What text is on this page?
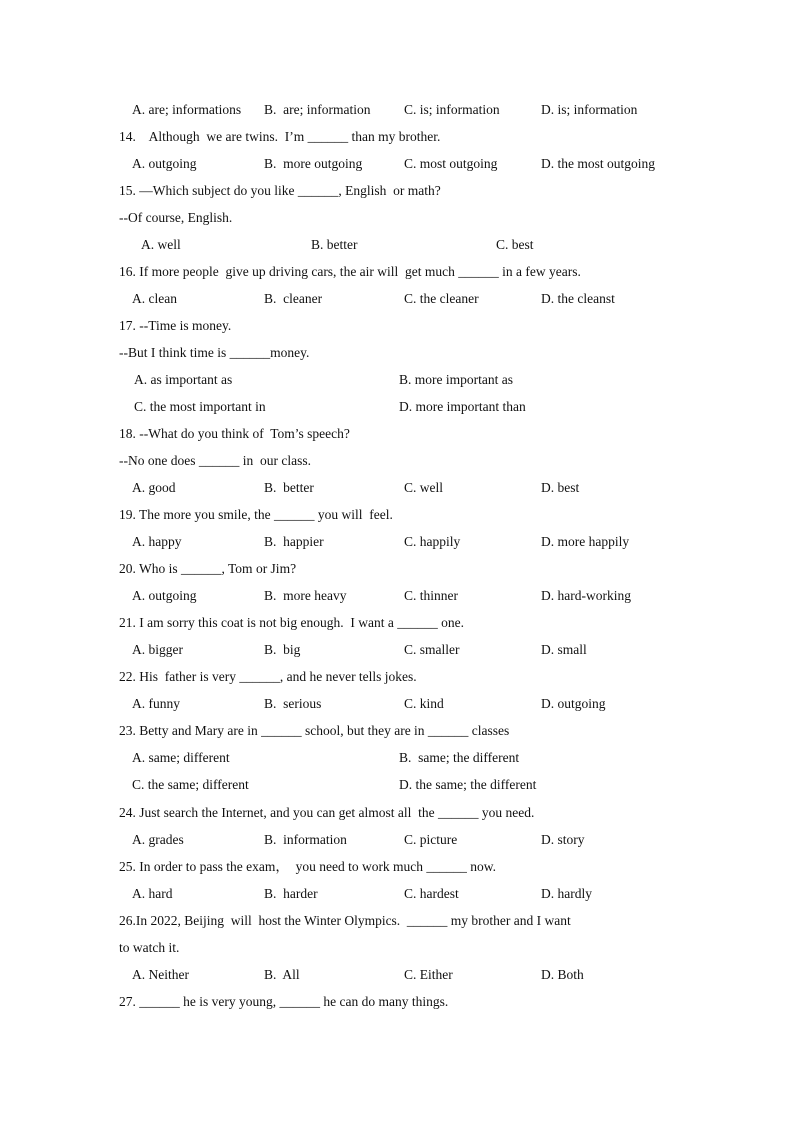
A. are; informations B.  are; information C. is; information	D. is; information
14.    Although  we are twins.  I’m ______ than my brother.
A. outgoing	B.  more outgoing	C. most outgoing	D. the most outgoing
15. —Which subject do you like ______, English  or math?
--Of course, English.
A. well	B. better	C. best
16. If more people  give up driving cars, the air will  get much ______ in a few years.
A. clean	B.  cleaner	C. the cleaner	D. the cleanst
17. --Time is money.
--But I think time is ______money.
A. as important as	B. more important as
C. the most important in	D. more important than
18. --What do you think of  Tom’s speech?
--No one does ______ in  our class.
A. good	B.  better	C. well	D. best
19. The more you smile, the ______ you will  feel.
A. happy	B.  happier	C. happily	D. more happily
20. Who is ______, Tom or Jim?
A. outgoing	B.  more heavy	C. thinner	D. hard-working
21. I am sorry this coat is not big enough.  I want a ______ one.
A. bigger	B.  big	C. smaller	D. small
22. His  father is very ______, and he never tells jokes.
A. funny	B.  serious	C. kind	D. outgoing
23. Betty and Mary are in ______ school, but they are in ______ classes
A. same; different	B.  same; the different
C. the same; different	D. the same; the different
24. Just search the Internet, and you can get almost all  the ______ you need.
A. grades	B.  information	C. picture	D. story
25. In order to pass the exam，  you need to work much ______ now.
A. hard	B.  harder	C. hardest	D. hardly
26.In 2022, Beijing  will  host the Winter Olympics.  ______ my brother and I want
to watch it.
A. Neither	B.  All	C. Either	D. Both
27. ______ he is very young, ______ he can do many things.
